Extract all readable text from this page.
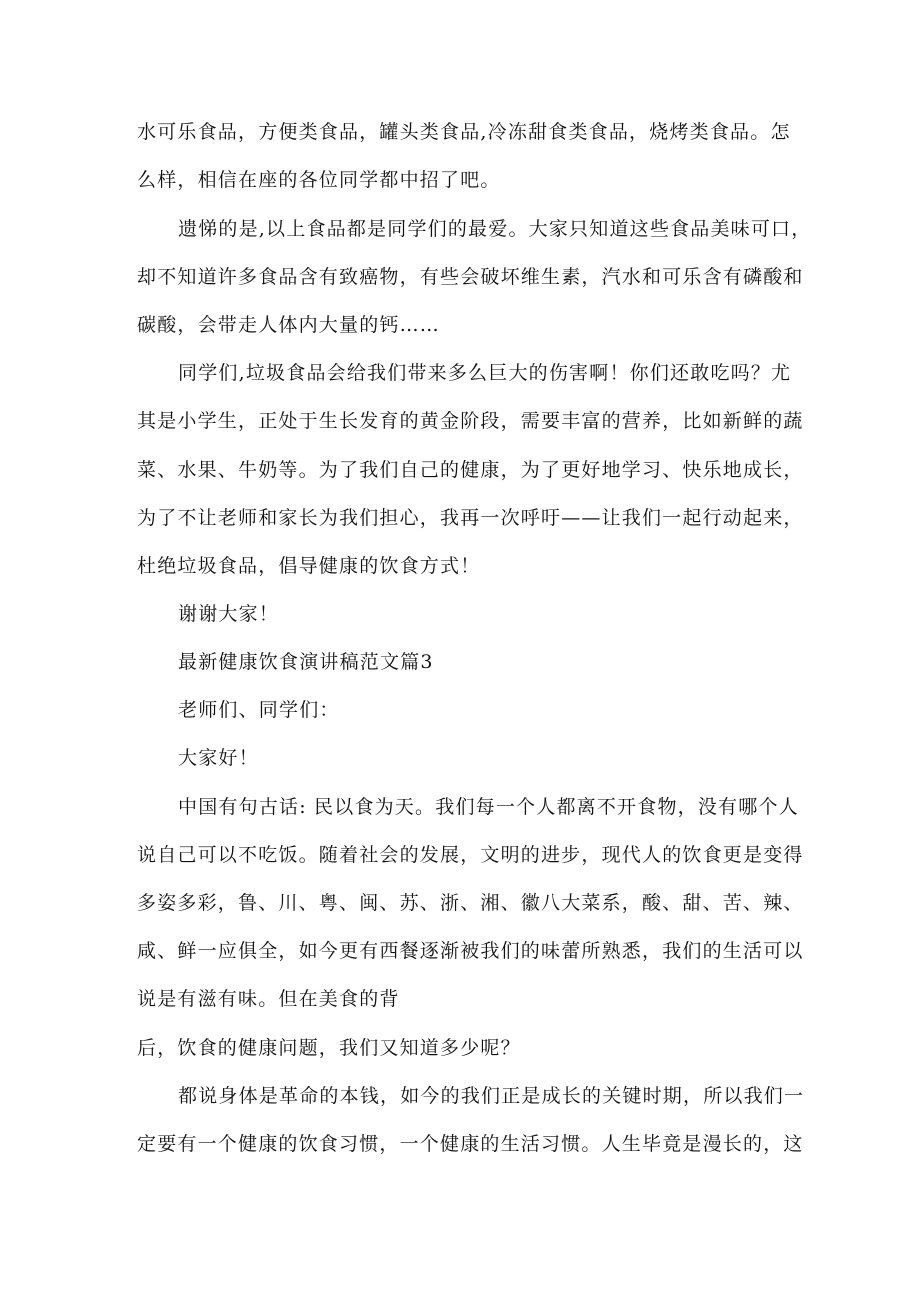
水可乐食品，方便类食品，罐头类食品,冷冻甜食类食品，烧烤类食品。怎
么样，相信在座的各位同学都中招了吧。
遗悌的是,以上食品都是同学们的最爱。大家只知道这些食品美味可口，
却不知道许多食品含有致癌物，有些会破坏维生素，汽水和可乐含有磷酸和
碳酸，会带走人体内大量的钙……
同学们,垃圾食品会给我们带来多么巨大的伤害啊！你们还敢吃吗？尤
其是小学生，正处于生长发育的黄金阶段，需要丰富的营养，比如新鲜的蔬
菜、水果、牛奶等。为了我们自己的健康，为了更好地学习、快乐地成长，
为了不让老师和家长为我们担心，我再一次呼吁——让我们一起行动起来，
杜绝垃圾食品，倡导健康的饮食方式！
谢谢大家！
最新健康饮食演讲稿范文篇3
老师们、同学们：
大家好！
中国有句古话: 民以食为天。我们每一个人都离不开食物，没有哪个人
说自己可以不吃饭。随着社会的发展，文明的进步，现代人的饮食更是变得
多姿多彩，鲁、川、粤、闽、苏、浙、湘、徽八大菜系，酸、甜、苦、辣、
咸、鲜一应俱全，如今更有西餐逐渐被我们的味蕾所熟悉，我们的生活可以
说是有滋有味。但在美食的背
后，饮食的健康问题，我们又知道多少呢？
都说身体是革命的本钱，如今的我们正是成长的关键时期，所以我们一
定要有一个健康的饮食习惯，一个健康的生活习惯。人生毕竟是漫长的，这
